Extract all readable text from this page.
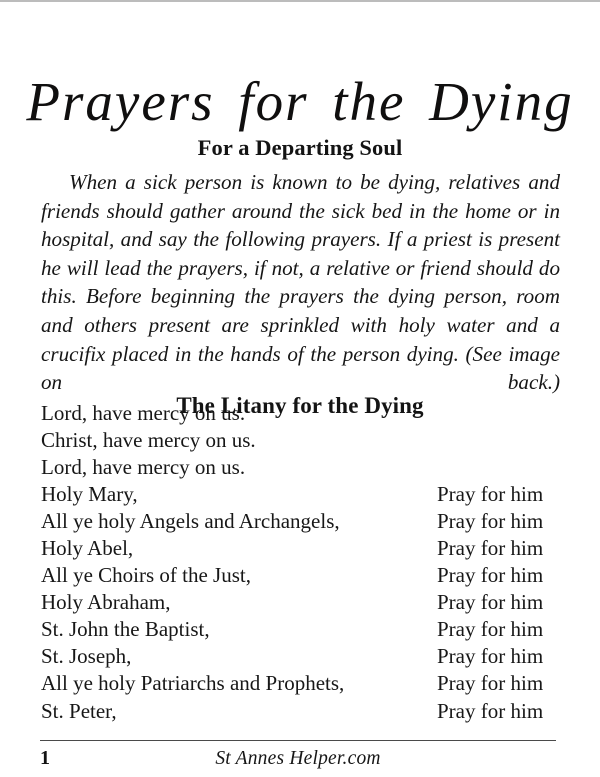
Prayers for the Dying
For a Departing Soul

When a sick person is known to be dying, relatives and friends should gather around the sick bed in the home or in hospital, and say the following prayers. If a priest is present he will lead the prayers, if not, a relative or friend should do this. Before beginning the prayers the dying person, room and others present are sprinkled with holy water and a crucifix placed in the hands of the person dying. (See image on back.)

The Litany for the Dying
Lord, have mercy on us.
Christ, have mercy on us.
Lord, have mercy on us.
Holy Mary,	Pray for him
All ye holy Angels and Archangels,	Pray for him
Holy Abel,	Pray for him
All ye Choirs of the Just,	Pray for him
Holy Abraham,	Pray for him
St. John the Baptist,	Pray for him
St. Joseph,	Pray for him
All ye holy Patriarchs and Prophets,	Pray for him
St. Peter,	Pray for him
1	St Annes Helper.com
